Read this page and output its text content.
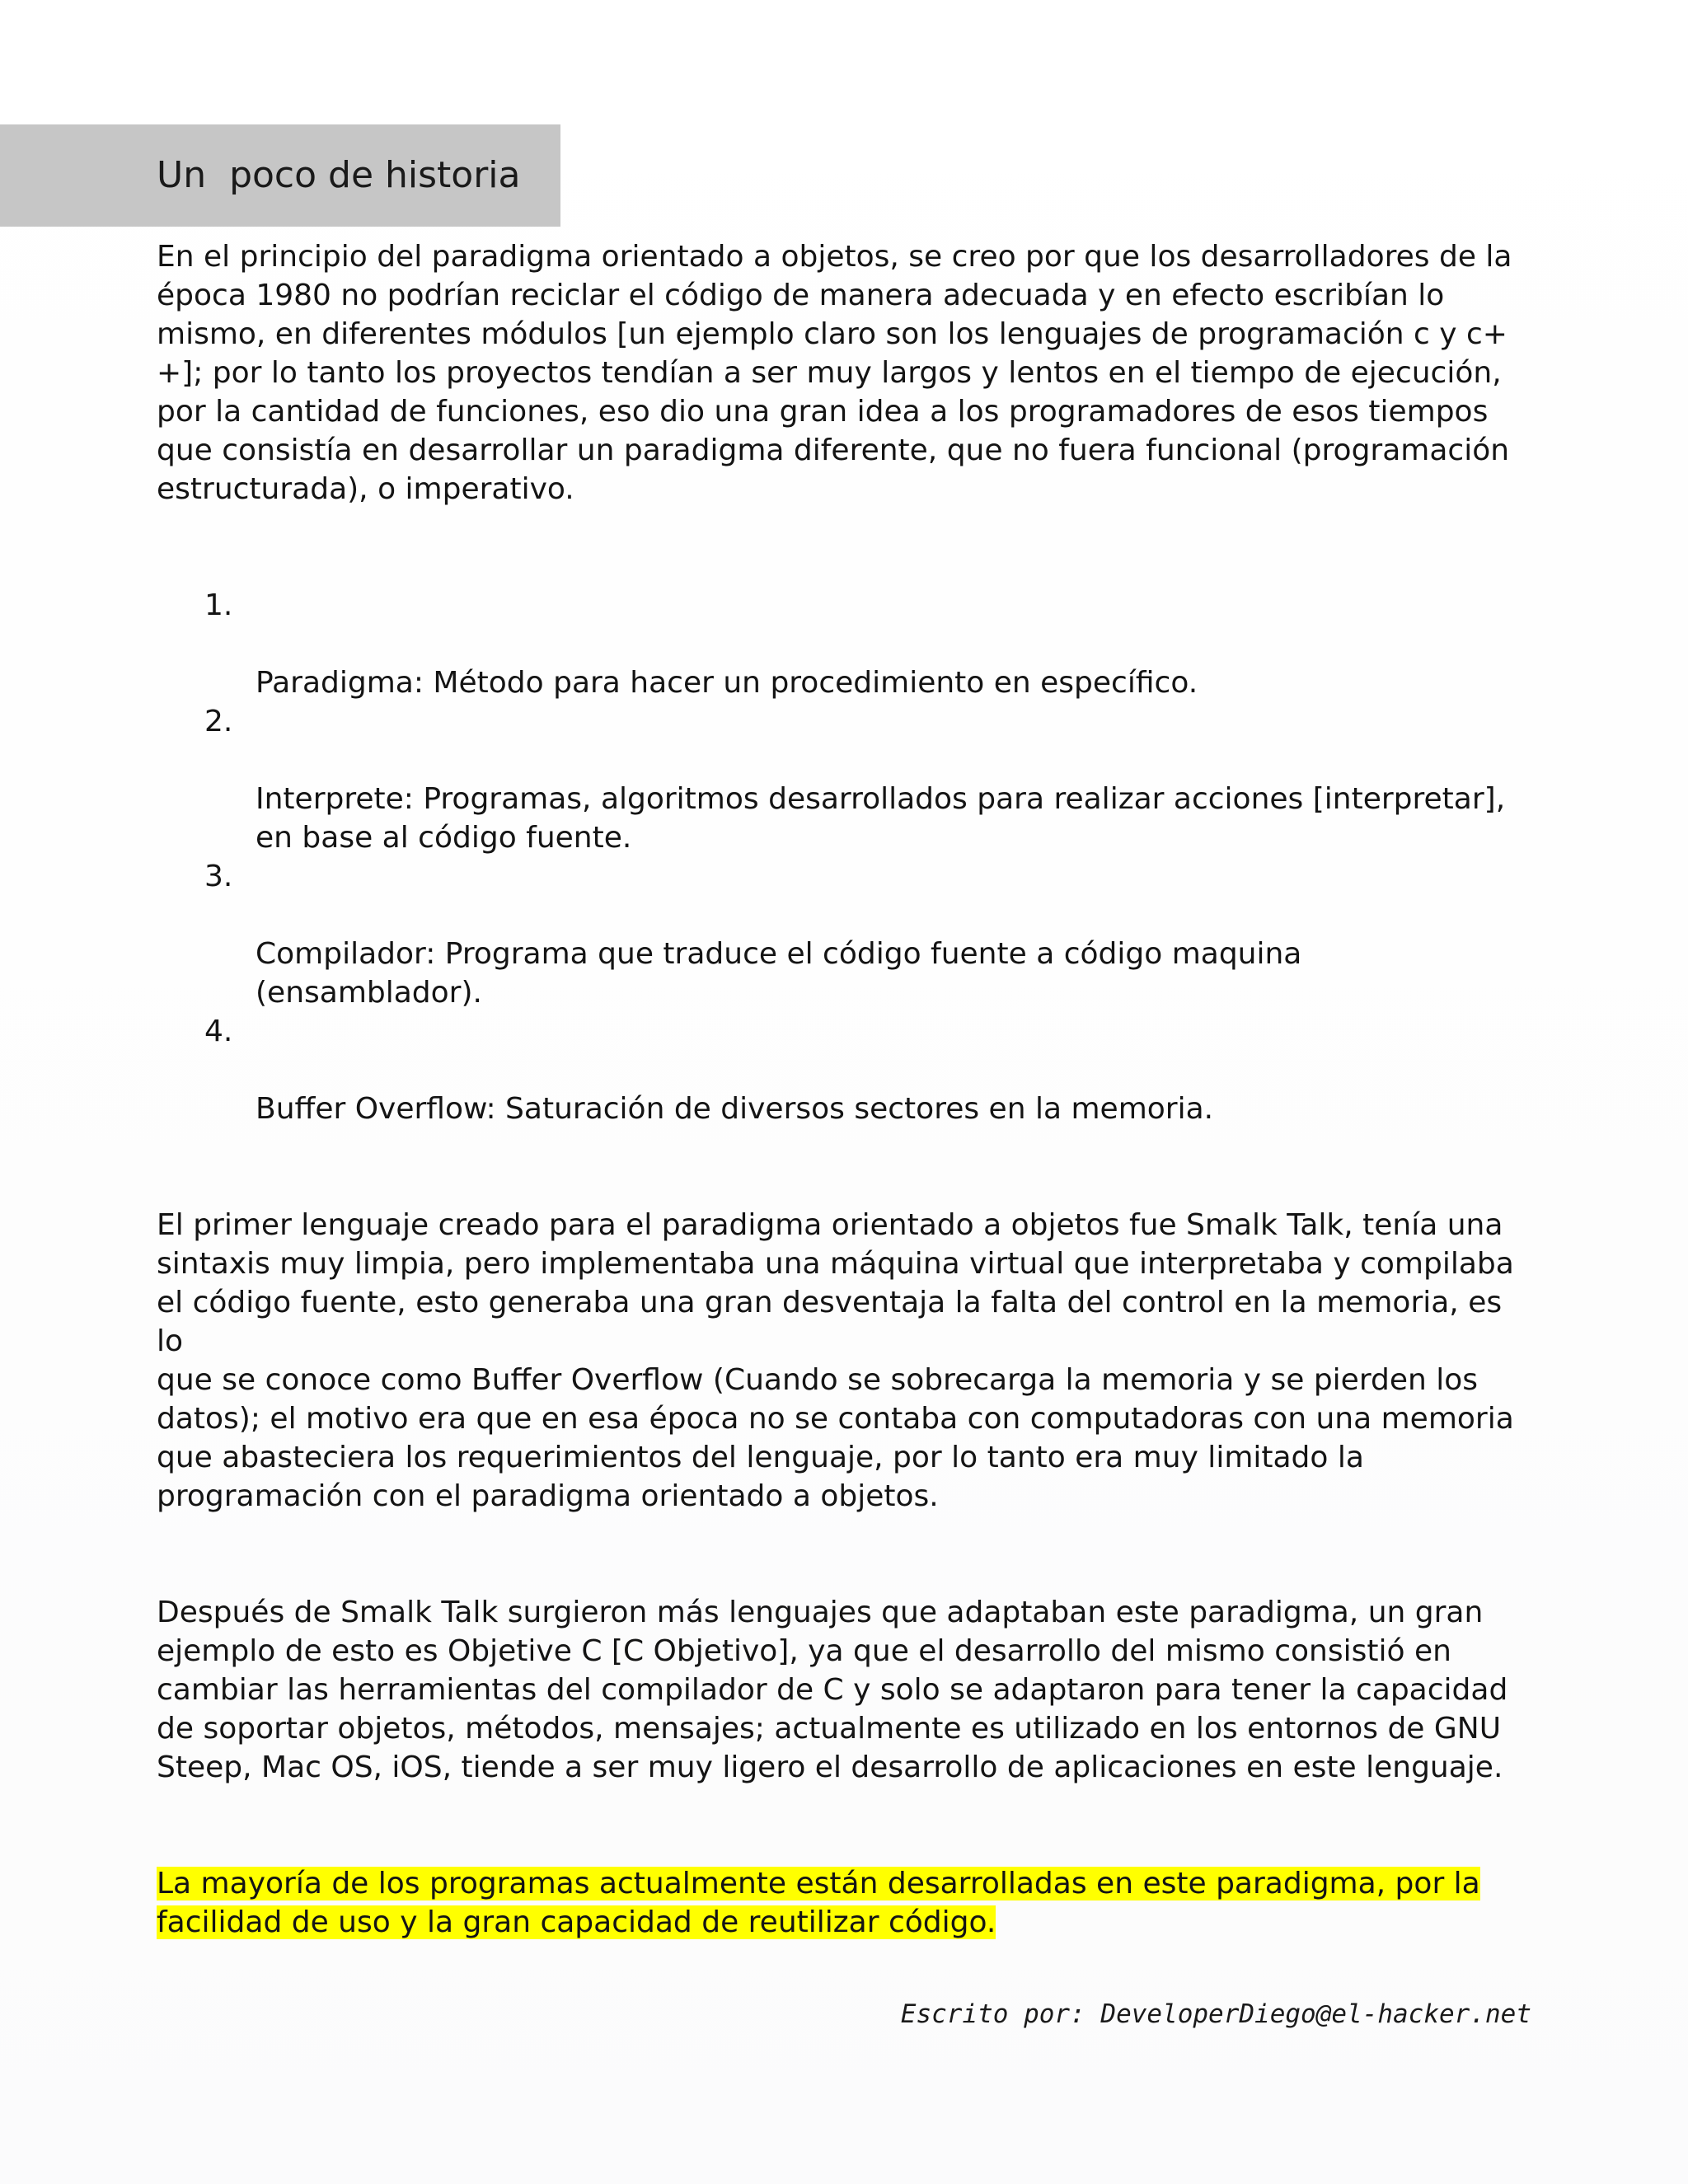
Un  poco de historia

En el principio del paradigma orientado a objetos, se creo por que los desarrolladores de la
época 1980 no podrían reciclar el código de manera adecuada y en efecto escribían lo
mismo, en diferentes módulos [un ejemplo claro son los lenguajes de programación c y c+
+]; por lo tanto los proyectos tendían a ser muy largos y lentos en el tiempo de ejecución,
por la cantidad de funciones, eso dio una gran idea a los programadores de esos tiempos
que consistía en desarrollar un paradigma diferente, que no fuera funcional (programación
estructurada), o imperativo.

1.

Paradigma: Método para hacer un procedimiento en específico.

2.

Interprete: Programas, algoritmos desarrollados para realizar acciones [interpretar],
en base al código fuente.

3.

Compilador: Programa que traduce el código fuente a código maquina
(ensamblador).

4.

Buffer Overflow: Saturación de diversos sectores en la memoria.

El primer lenguaje creado para el paradigma orientado a objetos fue Smalk Talk, tenía una
sintaxis muy limpia, pero implementaba una máquina virtual que interpretaba y compilaba
el código fuente, esto generaba una gran desventaja la falta del control en la memoria, es lo
que se conoce como Buffer Overflow (Cuando se sobrecarga la memoria y se pierden los
datos); el motivo era que en esa época no se contaba con computadoras con una memoria
que abasteciera los requerimientos del lenguaje, por lo tanto era muy limitado la
programación con el paradigma orientado a objetos.

Después de Smalk Talk surgieron más lenguajes que adaptaban este paradigma, un gran
ejemplo de esto es Objetive C [C Objetivo], ya que el desarrollo del mismo consistió en
cambiar las herramientas del compilador de C y solo se adaptaron para tener la capacidad
de soportar objetos, métodos, mensajes; actualmente es utilizado en los entornos de GNU
Steep, Mac OS, iOS, tiende a ser muy ligero el desarrollo de aplicaciones en este lenguaje.

La mayoría de los programas actualmente están desarrolladas en este paradigma, por la
facilidad de uso y la gran capacidad de reutilizar código.

Escrito por: DeveloperDiego@el-hacker.net
